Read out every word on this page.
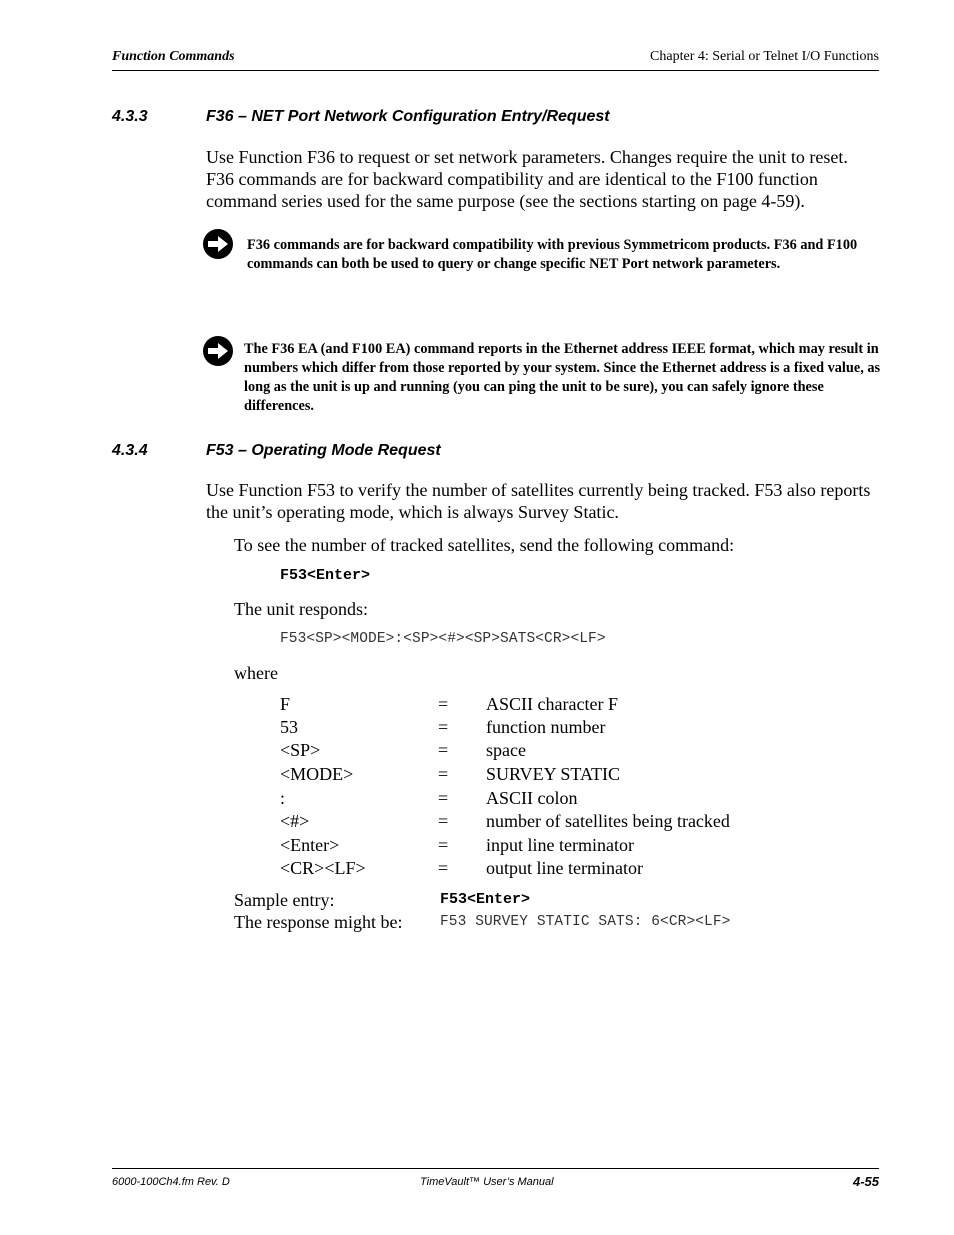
Function Commands	Chapter 4: Serial or Telnet I/O Functions
4.3.3	F36 – NET Port Network Configuration Entry/Request
Use Function F36 to request or set network parameters. Changes require the unit to reset. F36 commands are for backward compatibility and are identical to the F100 function command series used for the same purpose (see the sections starting on page 4-59).
F36 commands are for backward compatibility with previous Symmetricom products. F36 and F100 commands can both be used to query or change specific NET Port network parameters.
The F36 EA (and F100 EA) command reports in the Ethernet address IEEE format, which may result in numbers which differ from those reported by your system. Since the Ethernet address is a fixed value, as long as the unit is up and running (you can ping the unit to be sure), you can safely ignore these differences.
4.3.4	F53 – Operating Mode Request
Use Function F53 to verify the number of satellites currently being tracked. F53 also reports the unit’s operating mode, which is always Survey Static.
To see the number of tracked satellites, send the following command:
F53<Enter>
The unit responds:
F53<SP><MODE>:<SP><#><SP>SATS<CR><LF>
where
F	= ASCII character F
53	= function number
<SP>	= space
<MODE>	= SURVEY STATIC
:	= ASCII colon
<#>	= number of satellites being tracked
<Enter>	= input line terminator
<CR><LF>	= output line terminator
Sample entry:	F53<Enter>
The response might be:	F53 SURVEY STATIC SATS: 6<CR><LF>
6000-100Ch4.fm Rev. D	TimeVault™ User’s Manual	4-55
